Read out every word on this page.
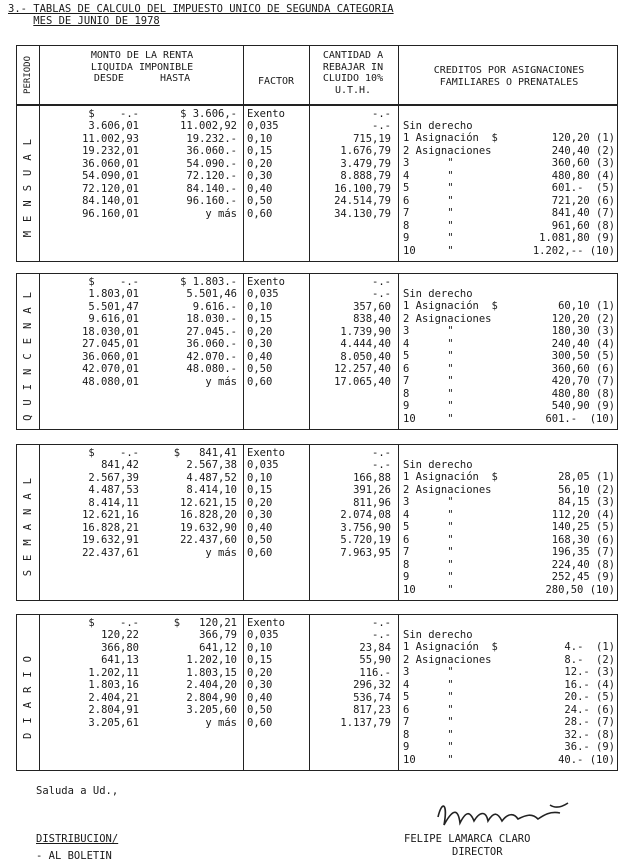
3.- TABLAS DE CALCULO DEL IMPUESTO UNICO DE SEGUNDA CATEGORIA
MES DE JUNIO DE 1978
PERIODO
MONTO DE LA RENTA
LIQUIDA IMPONIBLE
DESDE      HASTA	FACTOR
CANTIDAD A
REBAJAR IN
CLUIDO 10%
U.T.H.
CREDITOS POR ASIGNACIONES
FAMILIARES O PRENATALES
MENSUAL
$    -.-
3.606,01
11.002,93
19.232,01
36.060,01
54.090,01
72.120,01
84.140,01
96.160,01
$ 3.606,-
11.002,92
19.232.-
36.060.-
54.090.-
72.120.-
84.140.-
96.160.-
y más
Exento
0,035
0,10
0,15
0,20
0,30
0,40
0,50
0,60
-.-
-.-
715,19
1.676,79
3.479,79
8.888,79
16.100,79
24.514,79
34.130,79
Sin derecho
1 Asignación  $
2 Asignaciones
3      "
4      "
5      "
6      "
7      "
8      "
9      "
10     "

120,20 (1)
240,40 (2)
360,60 (3)
480,80 (4)
601.-  (5)
721,20 (6)
841,40 (7)
961,60 (8)
1.081,80 (9)
1.202,-- (10)
QUINCENAL
$    -.-
1.803,01
5.501,47
9.616,01
18.030,01
27.045,01
36.060,01
42.070,01
48.080,01
$ 1.803.-
5.501,46
9.616.-
18.030.-
27.045.-
36.060.-
42.070.-
48.080.-
y más
Exento
0,035
0,10
0,15
0,20
0,30
0,40
0,50
0,60
-.-
-.-
357,60
838,40
1.739,90
4.444,40
8.050,40
12.257,40
17.065,40
Sin derecho
1 Asignación  $
2 Asignaciones
3      "
4      "
5      "
6      "
7      "
8      "
9      "
10     "

60,10 (1)
120,20 (2)
180,30 (3)
240,40 (4)
300,50 (5)
360,60 (6)
420,70 (7)
480,80 (8)
540,90 (9)
601.-  (10)
SEMANAL
$    -.-
841,42
2.567,39
4.487,53
8.414,11
12.621,16
16.828,21
19.632,91
22.437,61
$   841,41
2.567,38
4.487,52
8.414,10
12.621,15
16.828,20
19.632,90
22.437,60
y más
Exento
0,035
0,10
0,15
0,20
0,30
0,40
0,50
0,60
-.-
-.-
166,88
391,26
811,96
2.074,08
3.756,90
5.720,19
7.963,95
Sin derecho
1 Asignación  $
2 Asignaciones
3      "
4      "
5      "
6      "
7      "
8      "
9      "
10     "

28,05 (1)
56,10 (2)
84,15 (3)
112,20 (4)
140,25 (5)
168,30 (6)
196,35 (7)
224,40 (8)
252,45 (9)
280,50 (10)
DIARIO
$    -.-
120,22
366,80
641,13
1.202,11
1.803,16
2.404,21
2.804,91
3.205,61
$   120,21
366,79
641,12
1.202,10
1.803,15
2.404,20
2.804,90
3.205,60
y más
Exento
0,035
0,10
0,15
0,20
0,30
0,40
0,50
0,60
-.-
-.-
23,84
55,90
116.-
296,32
536,74
817,23
1.137,79
Sin derecho
1 Asignación  $
2 Asignaciones
3      "
4      "
5      "
6      "
7      "
8      "
9      "
10     "

4.-  (1)
8.-  (2)
12.- (3)
16.- (4)
20.- (5)
24.- (6)
28.- (7)
32.- (8)
36.- (9)
40.- (10)
Saluda a Ud.,
DISTRIBUCION/
- AL BOLETIN
FELIPE LAMARCA CLARO
DIRECTOR
